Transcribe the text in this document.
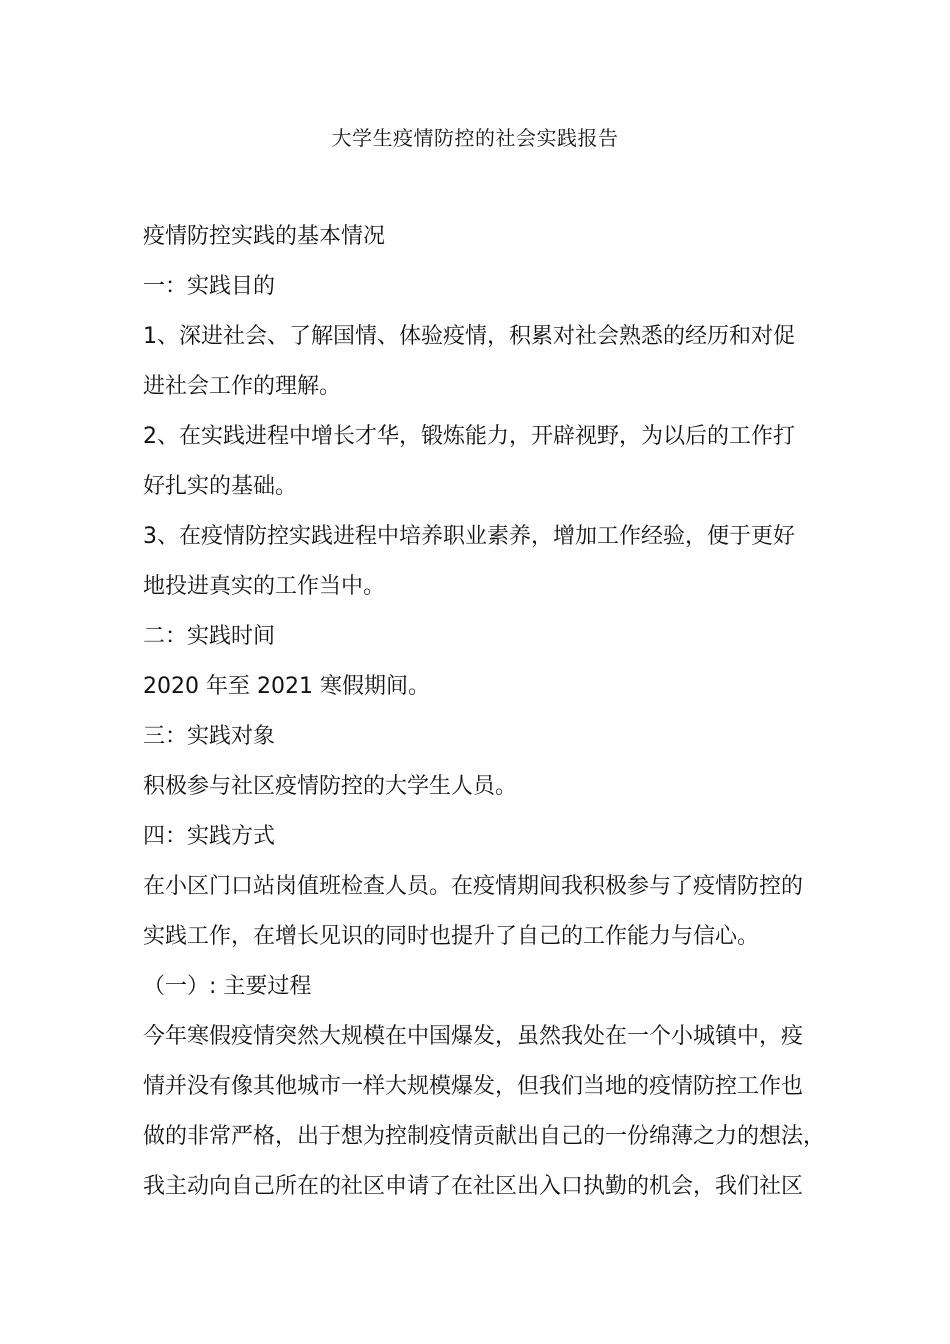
大学生疫情防控的社会实践报告

疫情防控实践的基本情况

一：实践目的

1、深进社会、了解国情、体验疫情，积累对社会熟悉的经历和对促

进社会工作的理解。

2、在实践进程中增长才华，锻炼能力，开辟视野，为以后的工作打

好扎实的基础。

3、在疫情防控实践进程中培养职业素养，增加工作经验，便于更好

地投进真实的工作当中。

二：实践时间

2020 年至 2021 寒假期间。

三：实践对象

积极参与社区疫情防控的大学生人员。

四：实践方式

在小区门口站岗值班检查人员。在疫情期间我积极参与了疫情防控的

实践工作，在增长见识的同时也提升了自己的工作能力与信心。

（一）: 主要过程

今年寒假疫情突然大规模在中国爆发，虽然我处在一个小城镇中，疫

情并没有像其他城市一样大规模爆发，但我们当地的疫情防控工作也

做的非常严格，出于想为控制疫情贡献出自己的一份绵薄之力的想法，

我主动向自己所在的社区申请了在社区出入口执勤的机会，我们社区
